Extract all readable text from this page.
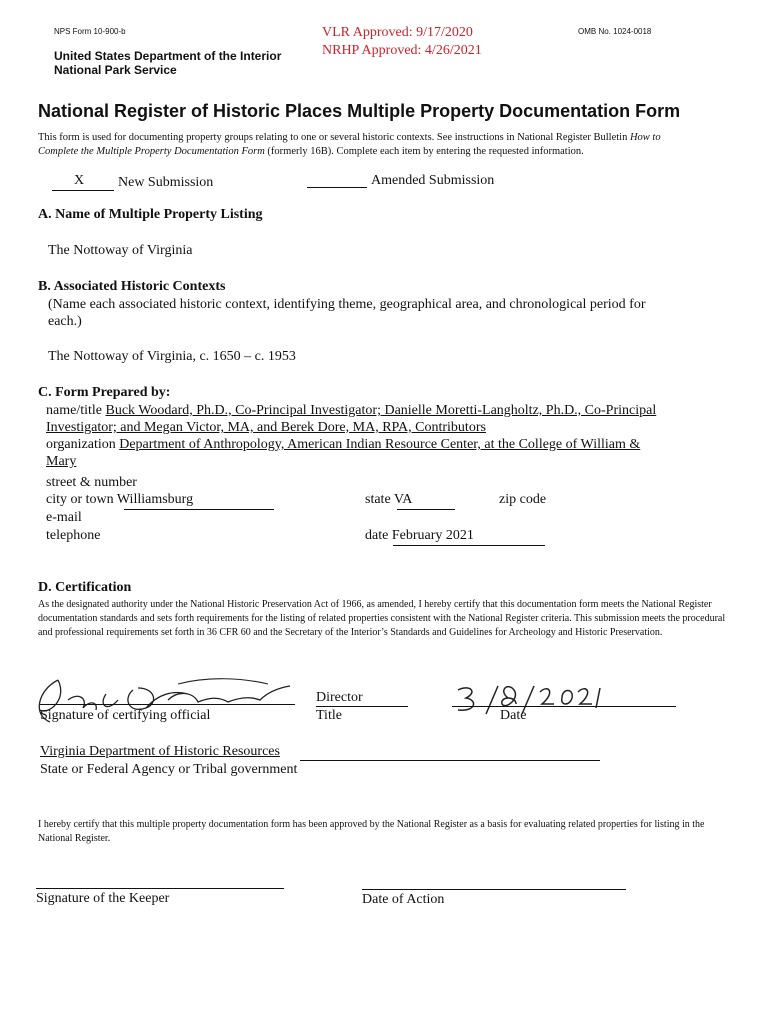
NPS Form 10-900-b
United States Department of the Interior
National Park Service
VLR Approved: 9/17/2020
NRHP Approved: 4/26/2021
OMB No. 1024-0018
National Register of Historic Places Multiple Property Documentation Form
This form is used for documenting property groups relating to one or several historic contexts. See instructions in National Register Bulletin How to
Complete the Multiple Property Documentation Form (formerly 16B). Complete each item by entering the requested information.
X New Submission	Amended Submission
A. Name of Multiple Property Listing
The Nottoway of Virginia
B. Associated Historic Contexts
(Name each associated historic context, identifying theme, geographical area, and chronological period for
each.)
The Nottoway of Virginia, c. 1650 – c. 1953
C. Form Prepared by:
name/title Buck Woodard, Ph.D., Co-Principal Investigator; Danielle Moretti-Langholtz, Ph.D., Co-Principal
Investigator; and Megan Victor, MA, and Berek Dore, MA, RPA, Contributors
organization Department of Anthropology, American Indian Resource Center, at the College of William &
Mary
street & number
city or town Williamsburg	state VA	zip code
e-mail
telephone	date February 2021
D. Certification
As the designated authority under the National Historic Preservation Act of 1966, as amended, I hereby certify that this documentation form meets the National Register documentation standards and sets forth requirements for the listing of related properties consistent with the National Register criteria. This submission meets the procedural and professional requirements set forth in 36 CFR 60 and the Secretary of the Interior’s Standards and Guidelines for Archeology and Historic Preservation.
Signature of certifying official
Director
Title	Date
Virginia Department of Historic Resources
State or Federal Agency or Tribal government
I hereby certify that this multiple property documentation form has been approved by the National Register as a basis for evaluating related properties for listing in the National Register.
Signature of the Keeper	Date of Action
